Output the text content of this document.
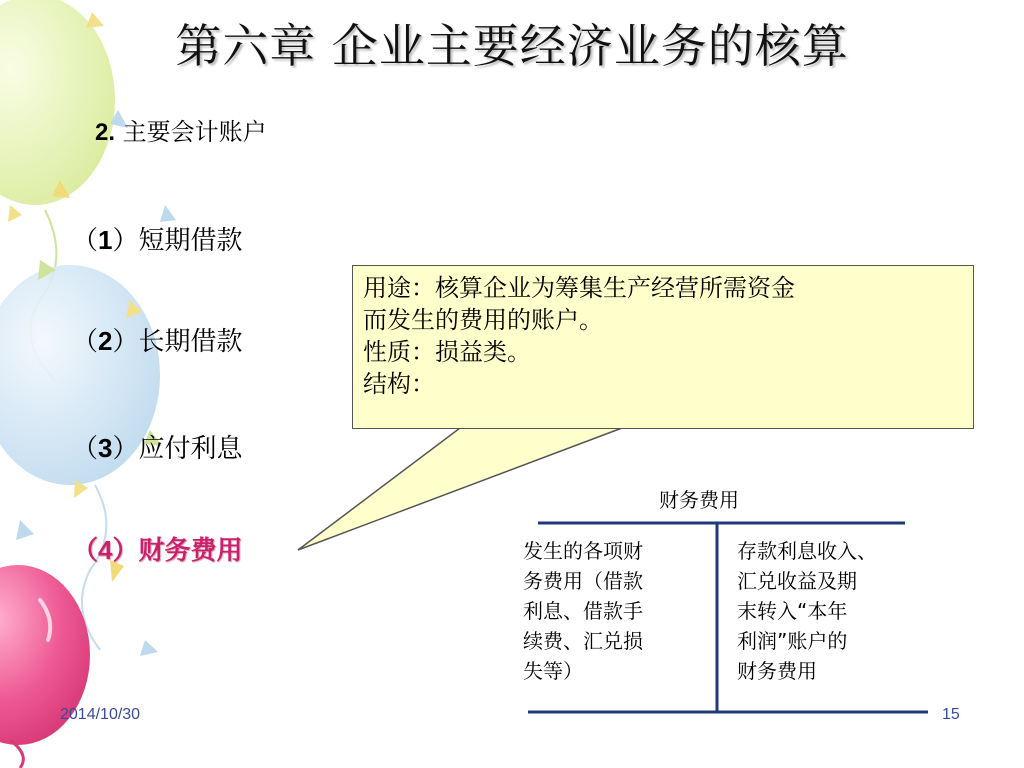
第六章 企业主要经济业务的核算
2. 主要会计账户
（1）短期借款
（2）长期借款
（3）应付利息
（4）财务费用
用途：核算企业为筹集生产经营所需资金
而发生的费用的账户。
性质：损益类。
结构：
财务费用
发生的各项财
务费用（借款
利息、借款手
续费、汇兑损
失等）
存款利息收入、
汇兑收益及期
末转入“本年
利润”账户的
财务费用
2014/10/30	15
